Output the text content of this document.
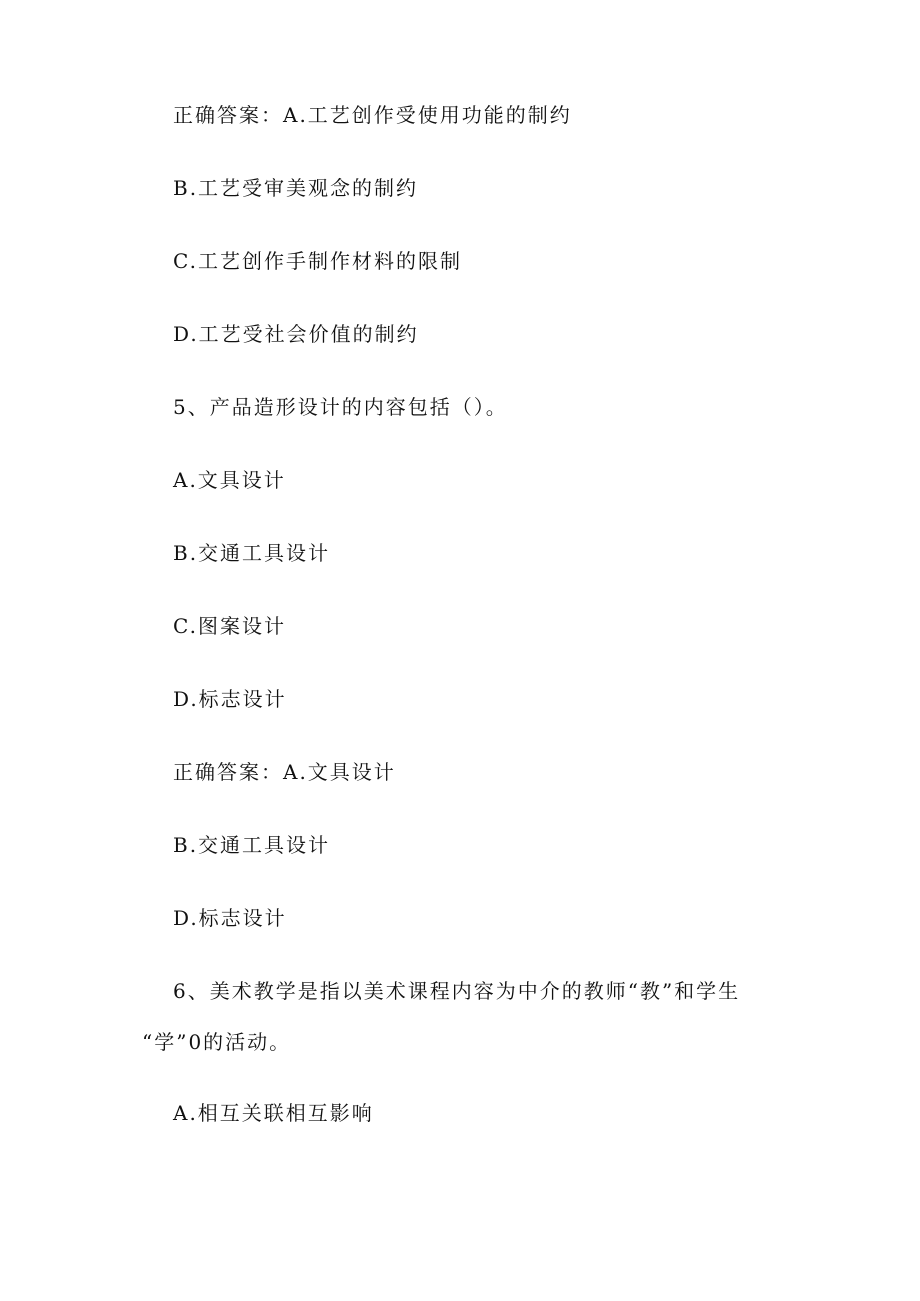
正确答案：A.工艺创作受使用功能的制约
B.工艺受审美观念的制约
C.工艺创作手制作材料的限制
D.工艺受社会价值的制约
5、产品造形设计的内容包括（）。
A.文具设计
B.交通工具设计
C.图案设计
D.标志设计
正确答案：A.文具设计
B.交通工具设计
D.标志设计
6、美术教学是指以美术课程内容为中介的教师“教”和学生
“学”0的活动。
A.相互关联相互影响
